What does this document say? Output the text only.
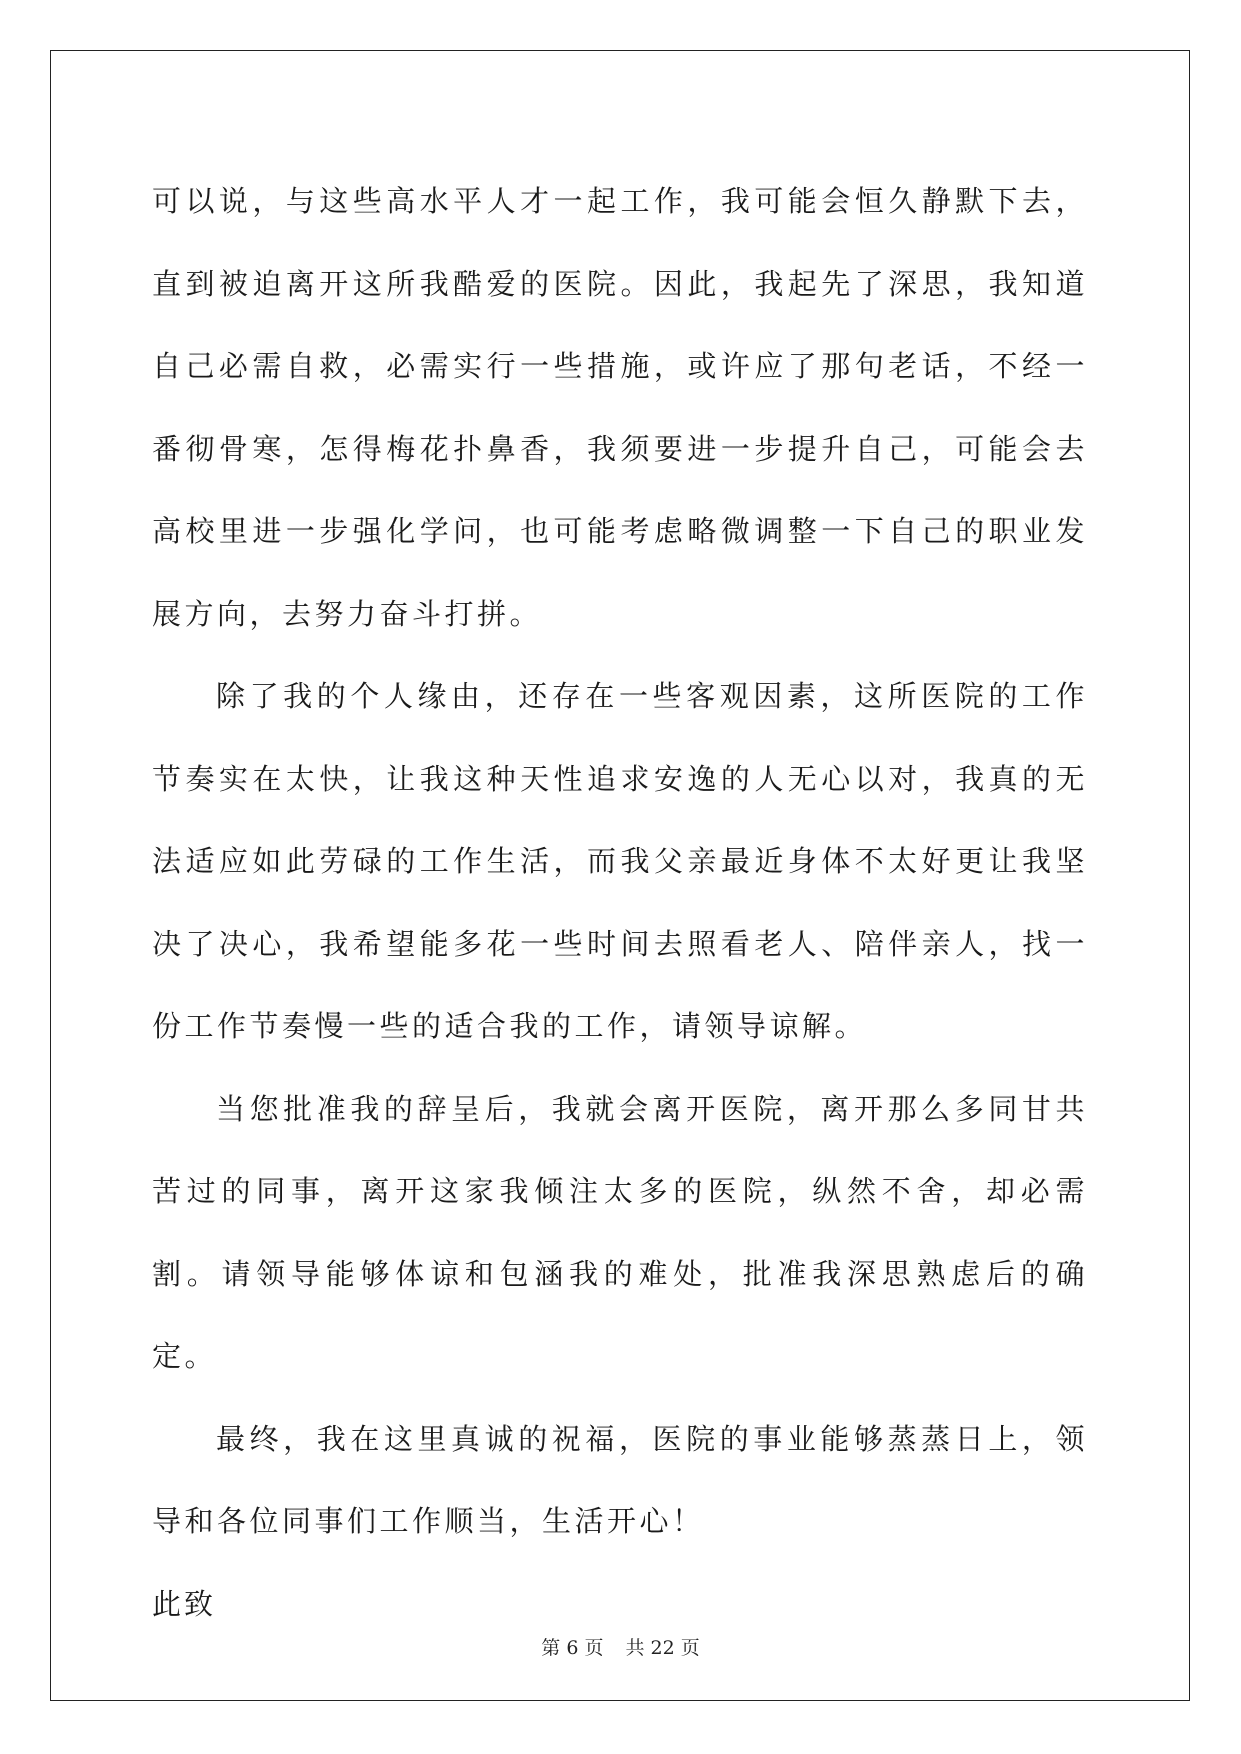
可以说，与这些高水平人才一起工作，我可能会恒久静默下去，直到被迫离开这所我酷爱的医院。因此，我起先了深思，我知道自己必需自救，必需实行一些措施，或许应了那句老话，不经一番彻骨寒，怎得梅花扑鼻香，我须要进一步提升自己，可能会去高校里进一步强化学问，也可能考虑略微调整一下自己的职业发展方向，去努力奋斗打拼。

除了我的个人缘由，还存在一些客观因素，这所医院的工作节奏实在太快，让我这种天性追求安逸的人无心以对，我真的无法适应如此劳碌的工作生活，而我父亲最近身体不太好更让我坚决了决心，我希望能多花一些时间去照看老人、陪伴亲人，找一份工作节奏慢一些的适合我的工作，请领导谅解。

当您批准我的辞呈后，我就会离开医院，离开那么多同甘共苦过的同事，离开这家我倾注太多的医院，纵然不舍，却必需割。请领导能够体谅和包涵我的难处，批准我深思熟虑后的确定。

最终，我在这里真诚的祝福，医院的事业能够蒸蒸日上，领导和各位同事们工作顺当，生活开心！

此致

第 6 页 共 22 页
